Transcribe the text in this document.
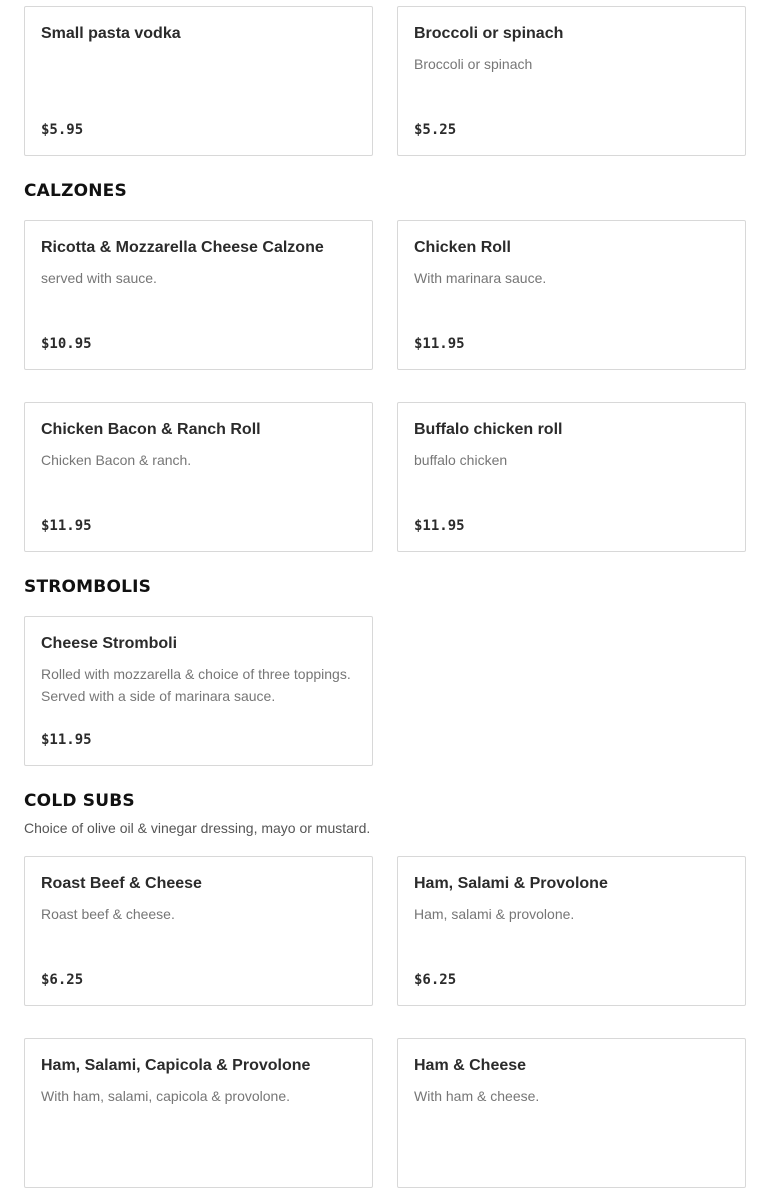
Small pasta vodka
$5.95
Broccoli or spinach
Broccoli or spinach
$5.25
CALZONES
Ricotta & Mozzarella Cheese Calzone
served with sauce.
$10.95
Chicken Roll
With marinara sauce.
$11.95
Chicken Bacon & Ranch Roll
Chicken Bacon & ranch.
$11.95
Buffalo chicken roll
buffalo chicken
$11.95
STROMBOLIS
Cheese Stromboli
Rolled with mozzarella & choice of three toppings. Served with a side of marinara sauce.
$11.95
COLD SUBS

Choice of olive oil & vinegar dressing, mayo or mustard.

Roast Beef & Cheese
Roast beef & cheese.
$6.25
Ham, Salami & Provolone
Ham, salami & provolone.
$6.25
Ham, Salami, Capicola & Provolone
With ham, salami, capicola & provolone.
Ham & Cheese
With ham & cheese.
